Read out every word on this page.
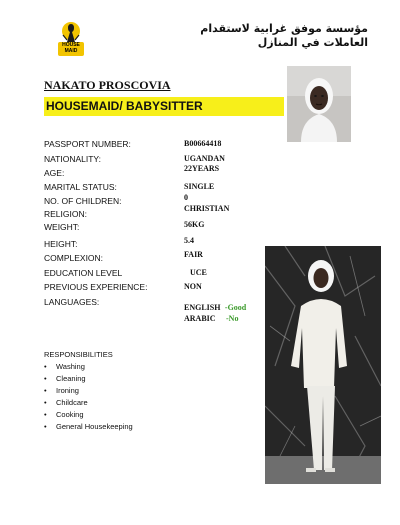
HOUSE
MAID
مؤسسة موفق غرابية لاستقدام العاملات في المنازل
NAKATO PROSCOVIA
HOUSEMAID/ BABYSITTER
PASSPORT NUMBER:	B00664418
NATIONALITY:	UGANDAN
AGE:	22YEARS
MARITAL STATUS:	SINGLE
NO. OF CHILDREN:	0
RELIGION:
CHRISTIAN
WEIGHT:	56KG
HEIGHT:	5.4
COMPLEXION:	FAIR
EDUCATION LEVEL	UCE
PREVIOUS EXPERIENCE:	NON
LANGUAGES:
ENGLISH -Good
ARABIC -No
RESPONSIBILITIES
• Washing
• Cleaning
• Ironing
• Childcare
• Cooking
• General Housekeeping
